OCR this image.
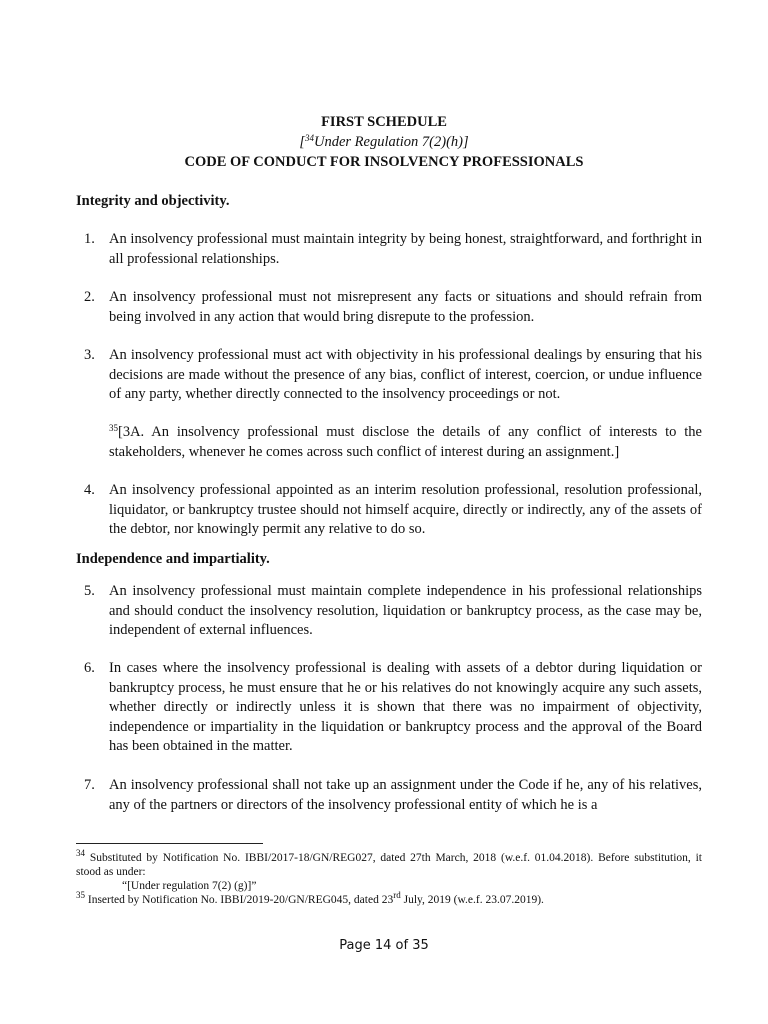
FIRST SCHEDULE
[$^{34}$Under Regulation 7(2)(h)]
CODE OF CONDUCT FOR INSOLVENCY PROFESSIONALS
Integrity and objectivity.
1. An insolvency professional must maintain integrity by being honest, straightforward, and forthright in all professional relationships.
2. An insolvency professional must not misrepresent any facts or situations and should refrain from being involved in any action that would bring disrepute to the profession.
3. An insolvency professional must act with objectivity in his professional dealings by ensuring that his decisions are made without the presence of any bias, conflict of interest, coercion, or undue influence of any party, whether directly connected to the insolvency proceedings or not.
$^{35}$[3A. An insolvency professional must disclose the details of any conflict of interests to the stakeholders, whenever he comes across such conflict of interest during an assignment.]
4. An insolvency professional appointed as an interim resolution professional, resolution professional, liquidator, or bankruptcy trustee should not himself acquire, directly or indirectly, any of the assets of the debtor, nor knowingly permit any relative to do so.
Independence and impartiality.
5. An insolvency professional must maintain complete independence in his professional relationships and should conduct the insolvency resolution, liquidation or bankruptcy process, as the case may be, independent of external influences.
6. In cases where the insolvency professional is dealing with assets of a debtor during liquidation or bankruptcy process, he must ensure that he or his relatives do not knowingly acquire any such assets, whether directly or indirectly unless it is shown that there was no impairment of objectivity, independence or impartiality in the liquidation or bankruptcy process and the approval of the Board has been obtained in the matter.
7. An insolvency professional shall not take up an assignment under the Code if he, any of his relatives, any of the partners or directors of the insolvency professional entity of which he is a
$^{34}$ Substituted by Notification No. IBBI/2017-18/GN/REG027, dated 27th March, 2018 (w.e.f. 01.04.2018). Before substitution, it stood as under:
“[Under regulation 7(2) (g)]”
$^{35}$ Inserted by Notification No. IBBI/2019-20/GN/REG045, dated 23rd July, 2019 (w.e.f. 23.07.2019).
Page 14 of 35
